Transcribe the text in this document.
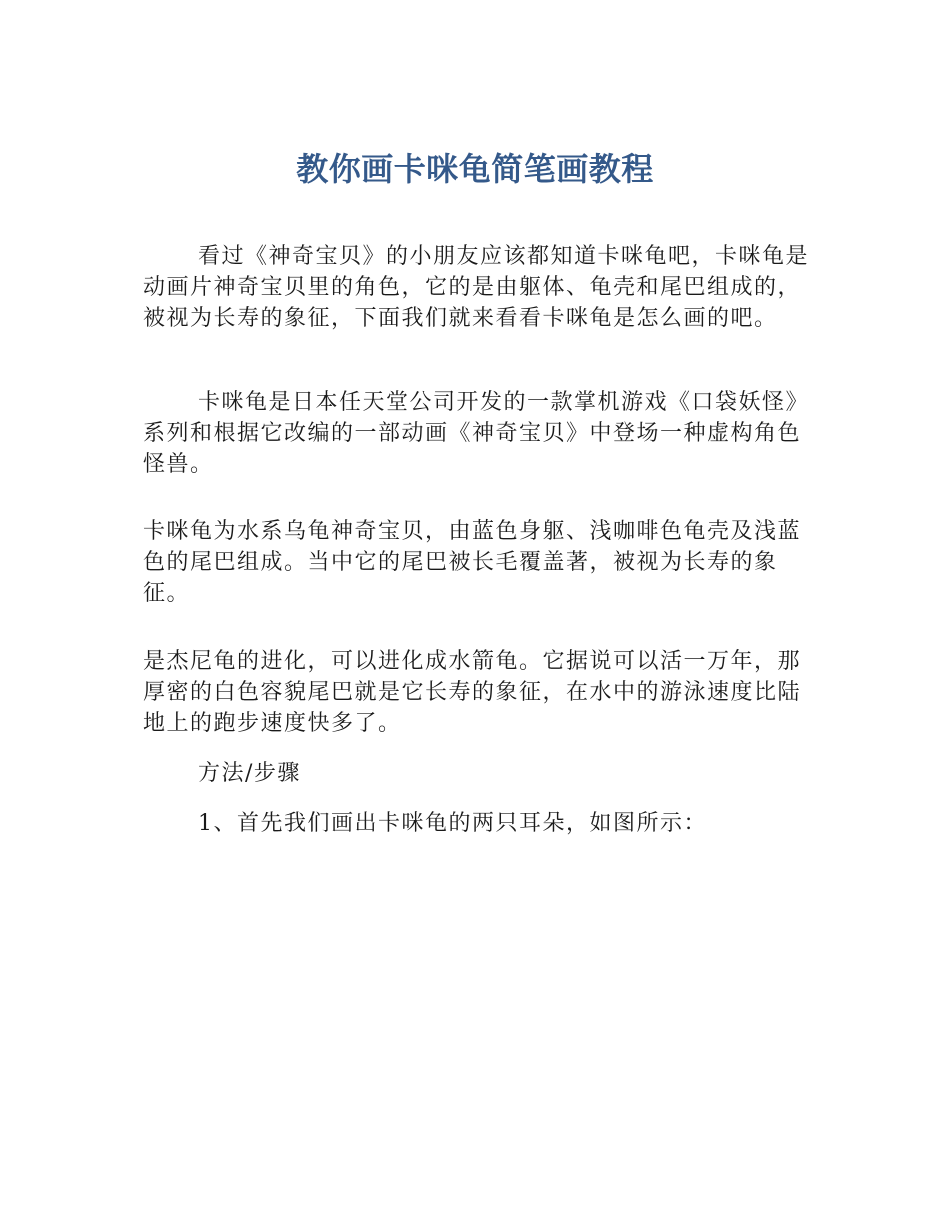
教你画卡咪龟简笔画教程

看过《神奇宝贝》的小朋友应该都知道卡咪龟吧，卡咪龟是动画片神奇宝贝里的角色，它的是由躯体、龟壳和尾巴组成的，被视为长寿的象征，下面我们就来看看卡咪龟是怎么画的吧。

卡咪龟是日本任天堂公司开发的一款掌机游戏《口袋妖怪》系列和根据它改编的一部动画《神奇宝贝》中登场一种虚构角色怪兽。

卡咪龟为水系乌龟神奇宝贝，由蓝色身躯、浅咖啡色龟壳及浅蓝色的尾巴组成。当中它的尾巴被长毛覆盖著，被视为长寿的象征。

是杰尼龟的进化，可以进化成水箭龟。它据说可以活一万年，那厚密的白色容貌尾巴就是它长寿的象征，在水中的游泳速度比陆地上的跑步速度快多了。

方法/步骤

1、首先我们画出卡咪龟的两只耳朵，如图所示：
